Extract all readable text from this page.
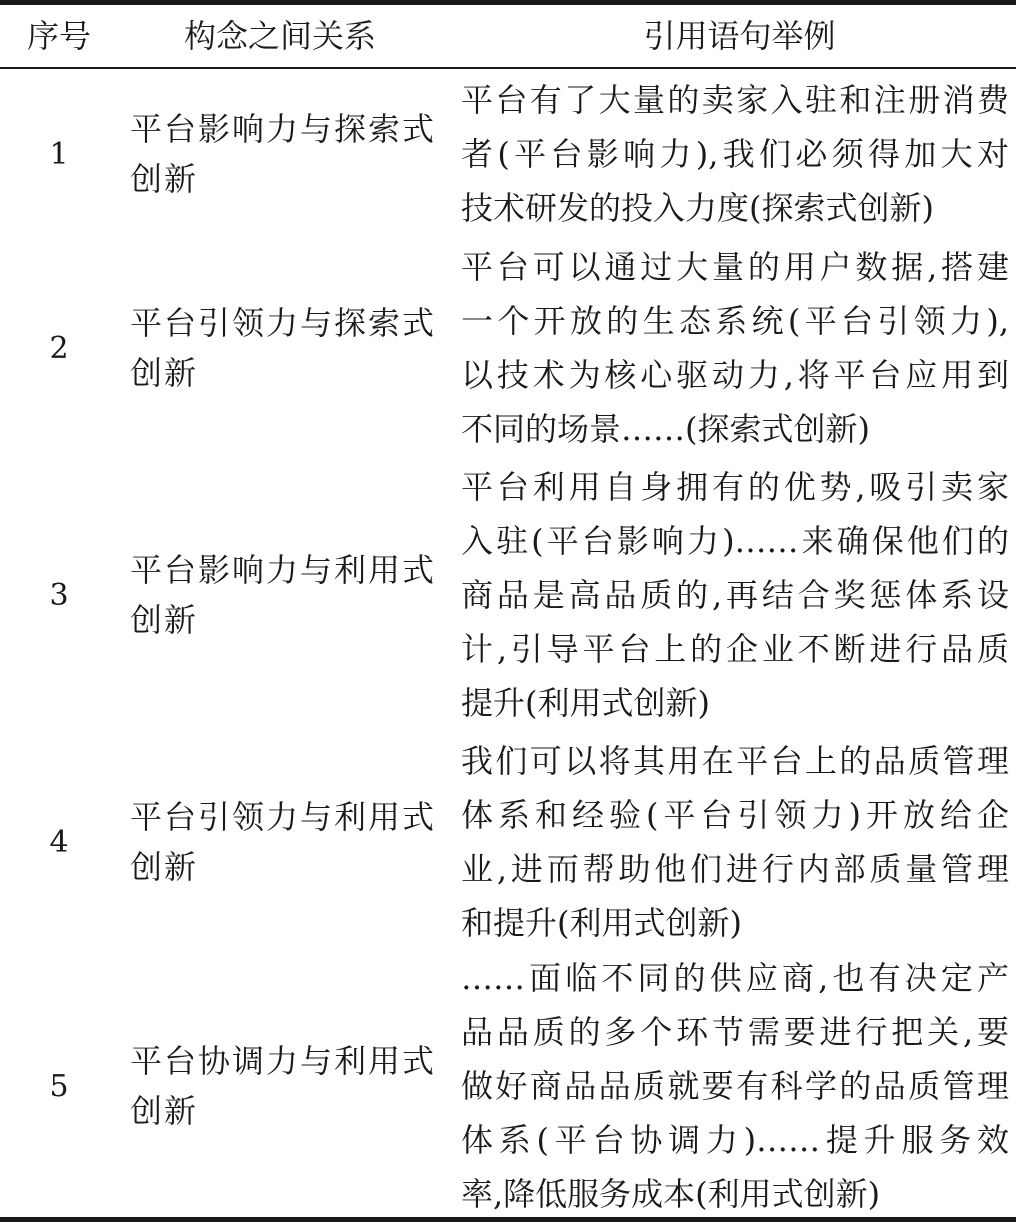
序号	构念之间关系	引用语句举例
1
平台影响力与探索式
创新
平台有了大量的卖家入驻和注册消费
者(平台影响力),我们必须得加大对
技术研发的投入力度(探索式创新)
2
平台引领力与探索式
创新
平台可以通过大量的用户数据,搭建
一个开放的生态系统(平台引领力),
以技术为核心驱动力,将平台应用到
不同的场景……(探索式创新)
3
平台影响力与利用式
创新
平台利用自身拥有的优势,吸引卖家
入驻(平台影响力)……来确保他们的
商品是高品质的,再结合奖惩体系设
计,引导平台上的企业不断进行品质
提升(利用式创新)
4
平台引领力与利用式
创新
我们可以将其用在平台上的品质管理
体系和经验(平台引领力)开放给企
业,进而帮助他们进行内部质量管理
和提升(利用式创新)
5
平台协调力与利用式
创新
……面临不同的供应商,也有决定产
品品质的多个环节需要进行把关,要
做好商品品质就要有科学的品质管理
体系(平台协调力)……提升服务效
率,降低服务成本(利用式创新)
